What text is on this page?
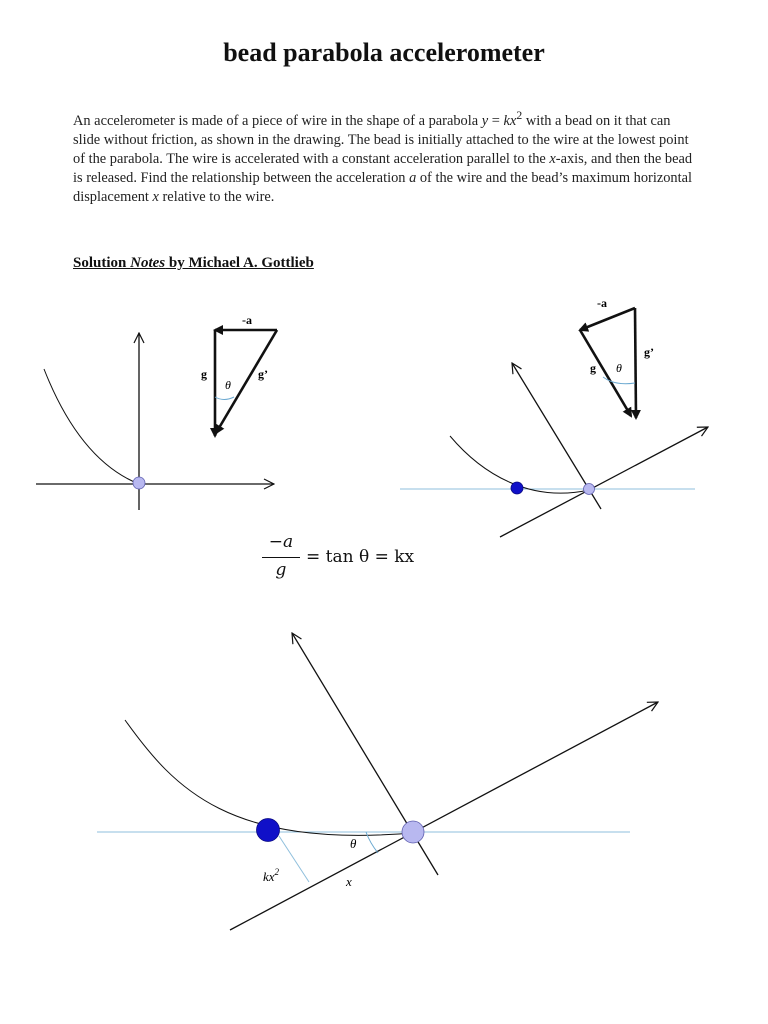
bead parabola accelerometer

An accelerometer is made of a piece of wire in the shape of a parabola $y = kx^2$ with a bead on it that can slide without friction, as shown in the drawing. The bead is initially attached to the wire at the lowest point of the parabola. The wire is accelerated with a constant acceleration parallel to the x-axis, and then the bead is released. Find the relationship between the acceleration a of the wire and the bead’s maximum horizontal displacement x relative to the wire.

Solution Notes by Michael A. Gottlieb

-a
g	g’
θ
-a
g
g’
θ
θ
$kx^2$
x
−a
g
= tan θ = kx
